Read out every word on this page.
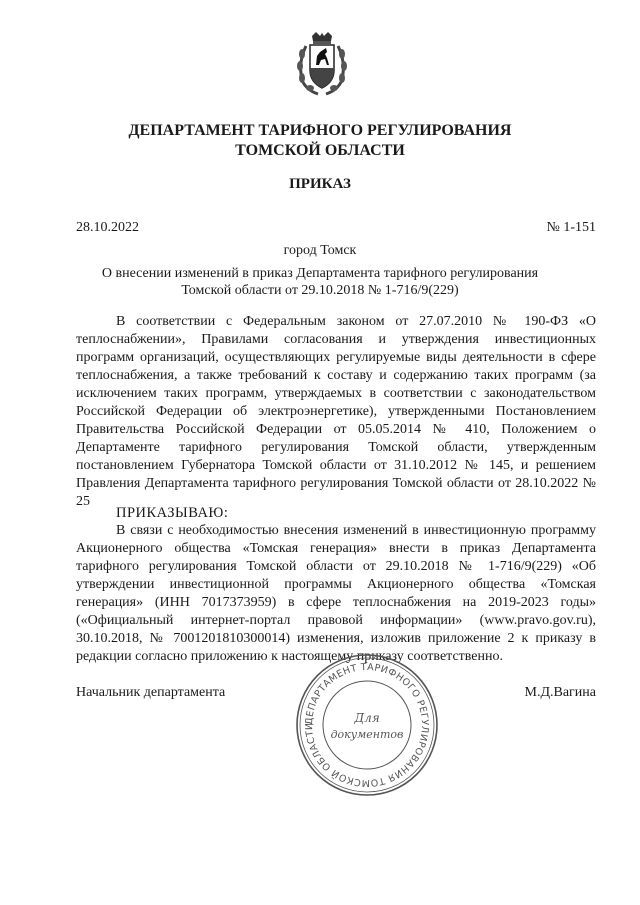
ДЕПАРТАМЕНТ ТАРИФНОГО РЕГУЛИРОВАНИЯ
ТОМСКОЙ ОБЛАСТИ
ПРИКАЗ
28.10.2022	№ 1-151
город Томск
О внесении изменений в приказ Департамента тарифного регулирования
Томской области от 29.10.2018 № 1-716/9(229)

В соответствии с Федеральным законом от 27.07.2010 № 190-ФЗ «О теплоснабжении», Правилами согласования и утверждения инвестиционных программ организаций, осуществляющих регулируемые виды деятельности в сфере теплоснабжения, а также требований к составу и содержанию таких программ (за исключением таких программ, утверждаемых в соответствии с законодательством Российской Федерации об электроэнергетике), утвержденными Постановлением Правительства Российской Федерации от 05.05.2014 № 410, Положением о Департаменте тарифного регулирования Томской области, утвержденным постановлением Губернатора Томской области от 31.10.2012 № 145, и решением Правления Департамента тарифного регулирования Томской области от 28.10.2022 № 25

ПРИКАЗЫВАЮ:

В связи с необходимостью внесения изменений в инвестиционную программу Акционерного общества «Томская генерация» внести в приказ Департамента тарифного регулирования Томской области от 29.10.2018 № 1-716/9(229) «Об утверждении инвестиционной программы Акционерного общества «Томская генерация» (ИНН 7017373959) в сфере теплоснабжения на 2019-2023 годы» («Официальный интернет-портал правовой информации» (www.pravo.gov.ru), 30.10.2018, № 7001201810300014) изменения, изложив приложение 2 к приказу в редакции согласно приложению к настоящему приказу соответственно.

Начальник департамента	М.Д.Вагина
ДЕПАРТАМЕНТ ТАРИФНОГО РЕГУЛИРОВАНИЯ ТОМСКОЙ ОБЛАСТИ
Для
документов
